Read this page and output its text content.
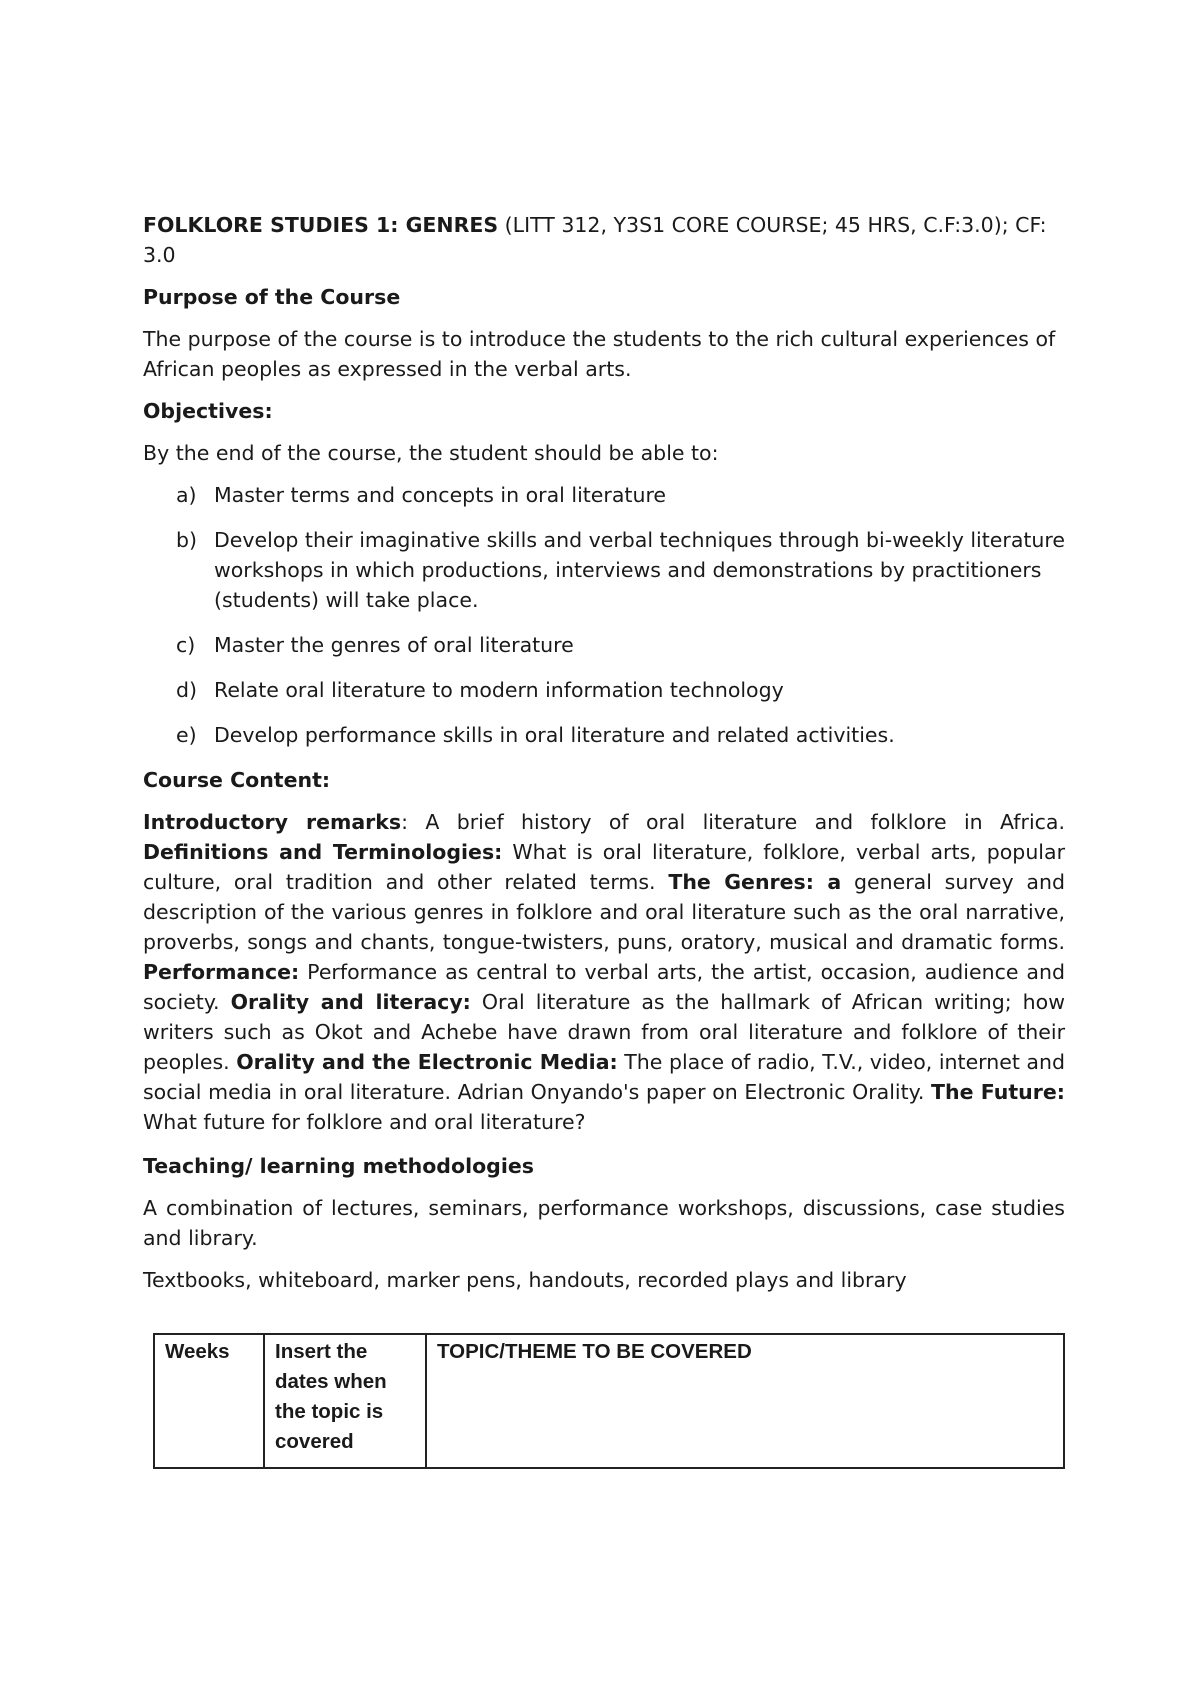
FOLKLORE STUDIES 1: GENRES (LITT 312, Y3S1 CORE COURSE; 45 HRS, C.F:3.0); CF: 3.0

Purpose of the Course

The purpose of the course is to introduce the students to the rich cultural experiences of African peoples as expressed in the verbal arts.

Objectives:

By the end of the course, the student should be able to:

a) Master terms and concepts in oral literature
b) Develop their imaginative skills and verbal techniques through bi-weekly literature workshops in which productions, interviews and demonstrations by practitioners (students) will take place.
c) Master the genres of oral literature
d) Relate oral literature to modern information technology
e) Develop performance skills in oral literature and related activities.

Course Content:

Introductory remarks: A brief history of oral literature and folklore in Africa. Definitions and Terminologies: What is oral literature, folklore, verbal arts, popular culture, oral tradition and other related terms. The Genres: a general survey and description of the various genres in folklore and oral literature such as the oral narrative, proverbs, songs and chants, tongue-twisters, puns, oratory, musical and dramatic forms. Performance: Performance as central to verbal arts, the artist, occasion, audience and society. Orality and literacy: Oral literature as the hallmark of African writing; how writers such as Okot and Achebe have drawn from oral literature and folklore of their peoples. Orality and the Electronic Media: The place of radio, T.V., video, internet and social media in oral literature. Adrian Onyando's paper on Electronic Orality. The Future: What future for folklore and oral literature?

Teaching/ learning methodologies

A combination of lectures, seminars, performance workshops, discussions, case studies and library.

Textbooks, whiteboard, marker pens, handouts, recorded plays and library

Weeks	Insert the dates when the topic is covered	TOPIC/THEME TO BE COVERED
